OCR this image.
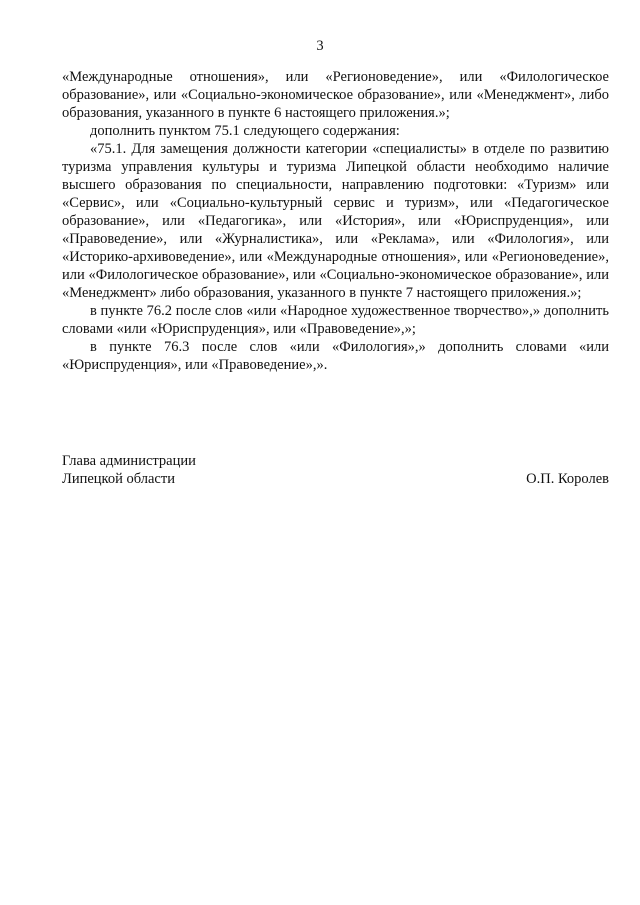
3

«Международные отношения», или «Регионоведение», или «Филологическое образование», или «Социально-экономическое образование», или «Менеджмент», либо образования, указанного в пункте 6 настоящего приложения.»;

дополнить пунктом 75.1 следующего содержания:

«75.1. Для замещения должности категории «специалисты» в отделе по развитию туризма управления культуры и туризма Липецкой области необходимо наличие высшего образования по специальности, направлению подготовки: «Туризм» или «Сервис», или «Социально-культурный сервис и туризм», или «Педагогическое образование», или «Педагогика», или «История», или «Юриспруденция», или «Правоведение», или «Журналистика», или «Реклама», или «Филология», или «Историко-архивоведение», или «Международные отношения», или «Регионоведение», или «Филологическое образование», или «Социально-экономическое образование», или «Менеджмент» либо образования, указанного в пункте 7 настоящего приложения.»;

в пункте 76.2 после слов «или «Народное художественное творчество»,» дополнить словами «или «Юриспруденция», или «Правоведение»,»;

в пункте 76.3 после слов «или «Филология»,» дополнить словами «или «Юриспруденция», или «Правоведение»,».

Глава администрации
Липецкой области	О.П. Королев
